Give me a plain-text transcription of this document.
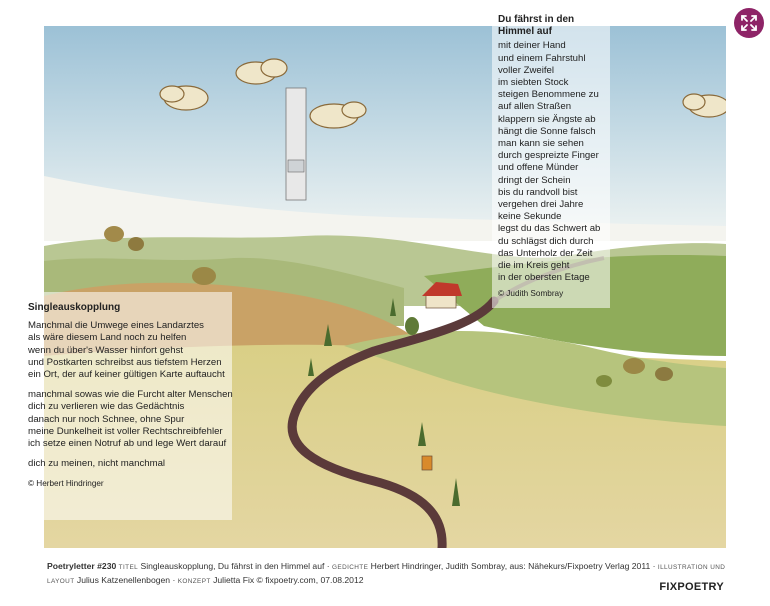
Du fährst in den Himmel auf
mit deiner Hand
und einem Fahrstuhl
voller Zweifel
im siebten Stock
steigen Benommene zu
auf allen Straßen
klappern sie Ängste ab
hängt die Sonne falsch
man kann sie sehen
durch gespreizte Finger
und offene Münder
dringt der Schein
bis du randvoll bist
vergehen drei Jahre
keine Sekunde
legst du das Schwert ab
du schlägst dich durch
das Unterholz der Zeit
die im Kreis geht
in der obersten Etage
© Judith Sombray
Singleauskopplung
Manchmal die Umwege eines Landarztes
als wäre diesem Land noch zu helfen
wenn du über's Wasser hinfort gehst
und Postkarten schreibst aus tiefstem Herzen
ein Ort, der auf keiner gültigen Karte auftaucht
manchmal sowas wie die Furcht alter Menschen
dich zu verlieren wie das Gedächtnis
danach nur noch Schnee, ohne Spur
meine Dunkelheit ist voller Rechtschreibfehler
ich setze einen Notruf ab und lege Wert darauf
dich zu meinen, nicht manchmal
© Herbert Hindringer
Poetryletter #230 TITEL Singleauskopplung, Du fährst in den Himmel auf · GEDICHTE Herbert Hindringer, Judith Sombray, aus: Nähekurs/Fixpoetry Verlag 2011 · ILLUSTRATION UND LAYOUT Julius Katzenellenbogen · KONZEPT Julietta Fix © fixpoetry.com, 07.08.2012
FIXPOETRY
